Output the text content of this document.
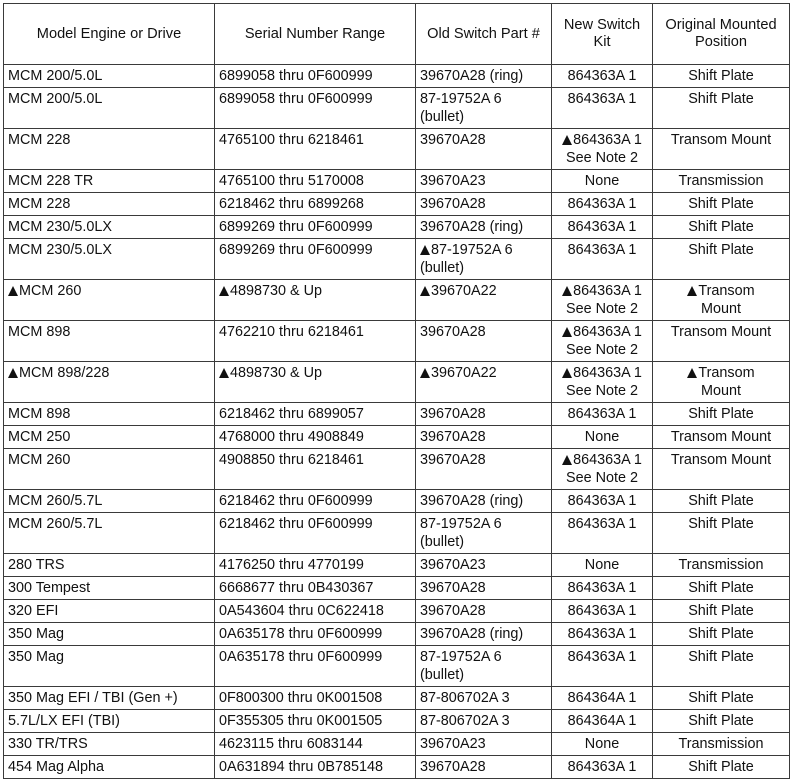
Model Engine or Drive	Serial Number Range	Old Switch Part #	New Switch Kit	Original Mounted Position
MCM 200/5.0L	6899058 thru 0F600999	39670A28 (ring)	864363A 1	Shift Plate

MCM 200/5.0L	6899058 thru 0F600999	87-19752A 6
(bullet)	864363A 1	Shift Plate

MCM 228	4765100 thru 6218461	39670A28	864363A 1
See Note 2	Transom Mount

MCM 228 TR	4765100 thru 5170008	39670A23	None	Transmission

MCM 228	6218462 thru 6899268	39670A28	864363A 1	Shift Plate

MCM 230/5.0LX	6899269 thru 0F600999	39670A28 (ring)	864363A 1	Shift Plate

MCM 230/5.0LX	6899269 thru 0F600999	87-19752A 6
(bullet)	864363A 1	Shift Plate

MCM 260	4898730 & Up	39670A22	864363A 1
See Note 2	Transom
Mount

MCM 898	4762210 thru 6218461	39670A28	864363A 1
See Note 2	Transom Mount

MCM 898/228	4898730 & Up	39670A22	864363A 1
See Note 2	Transom
Mount

MCM 898	6218462 thru 6899057	39670A28	864363A 1	Shift Plate

MCM 250	4768000 thru 4908849	39670A28	None	Transom Mount

MCM 260	4908850 thru 6218461	39670A28	864363A 1
See Note 2	Transom Mount

MCM 260/5.7L	6218462 thru 0F600999	39670A28 (ring)	864363A 1	Shift Plate

MCM 260/5.7L	6218462 thru 0F600999	87-19752A 6
(bullet)	864363A 1	Shift Plate

280 TRS	4176250 thru 4770199	39670A23	None	Transmission

300 Tempest	6668677 thru 0B430367	39670A28	864363A 1	Shift Plate

320 EFI	0A543604 thru 0C622418	39670A28	864363A 1	Shift Plate

350 Mag	0A635178 thru 0F600999	39670A28 (ring)	864363A 1	Shift Plate

350 Mag	0A635178 thru 0F600999	87-19752A 6
(bullet)	864363A 1	Shift Plate

350 Mag EFI / TBI (Gen +)	0F800300 thru 0K001508	87-806702A 3	864364A 1	Shift Plate

5.7L/LX EFI (TBI)	0F355305 thru 0K001505	87-806702A 3	864364A 1	Shift Plate

330 TR/TRS	4623115 thru 6083144	39670A23	None	Transmission

454 Mag Alpha	0A631894 thru 0B785148	39670A28	864363A 1	Shift Plate
